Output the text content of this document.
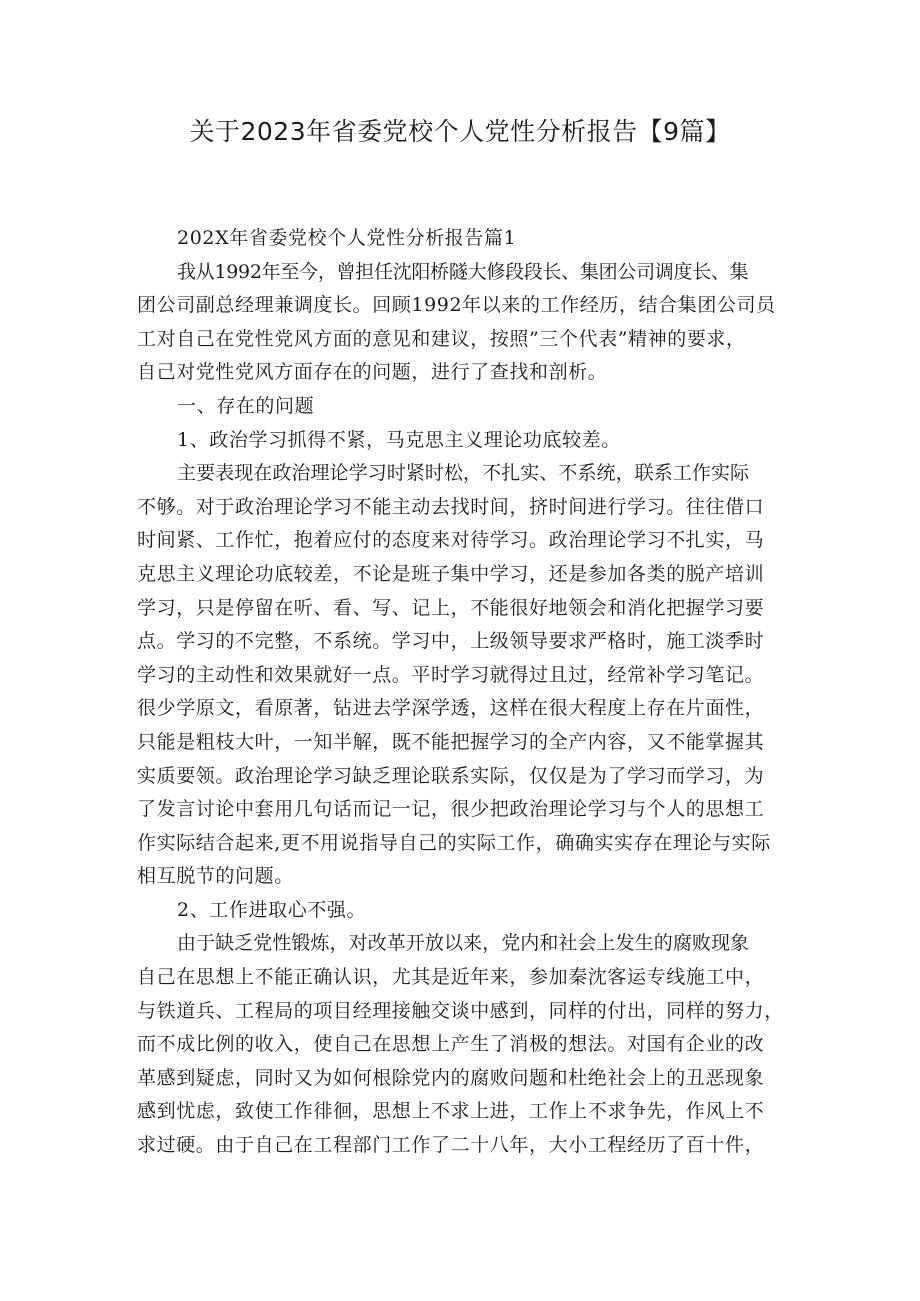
关于2023年省委党校个人党性分析报告【9篇】

202X年省委党校个人党性分析报告篇1

我从1992年至今，曾担任沈阳桥隧大修段段长、集团公司调度长、集
团公司副总经理兼调度长。回顾1992年以来的工作经历，结合集团公司员
工对自己在党性党风方面的意见和建议，按照”三个代表”精神的要求，
自己对党性党风方面存在的问题，进行了查找和剖析。

一、存在的问题

1、政治学习抓得不紧，马克思主义理论功底较差。

主要表现在政治理论学习时紧时松，不扎实、不系统，联系工作实际
不够。对于政治理论学习不能主动去找时间，挤时间进行学习。往往借口
时间紧、工作忙，抱着应付的态度来对待学习。政治理论学习不扎实，马
克思主义理论功底较差，不论是班子集中学习，还是参加各类的脱产培训
学习，只是停留在听、看、写、记上，不能很好地领会和消化把握学习要
点。学习的不完整，不系统。学习中，上级领导要求严格时，施工淡季时
学习的主动性和效果就好一点。平时学习就得过且过，经常补学习笔记。
很少学原文，看原著，钻进去学深学透，这样在很大程度上存在片面性，
只能是粗枝大叶，一知半解，既不能把握学习的全产内容，又不能掌握其
实质要领。政治理论学习缺乏理论联系实际，仅仅是为了学习而学习，为
了发言讨论中套用几句话而记一记，很少把政治理论学习与个人的思想工
作实际结合起来,更不用说指导自己的实际工作，确确实实存在理论与实际
相互脱节的问题。

2、工作进取心不强。

由于缺乏党性锻炼，对改革开放以来，党内和社会上发生的腐败现象
自己在思想上不能正确认识，尤其是近年来，参加秦沈客运专线施工中，
与铁道兵、工程局的项目经理接触交谈中感到，同样的付出，同样的努力，
而不成比例的收入，使自己在思想上产生了消极的想法。对国有企业的改
革感到疑虑，同时又为如何根除党内的腐败问题和杜绝社会上的丑恶现象
感到忧虑，致使工作徘徊，思想上不求上进，工作上不求争先，作风上不
求过硬。由于自己在工程部门工作了二十八年，大小工程经历了百十件，
